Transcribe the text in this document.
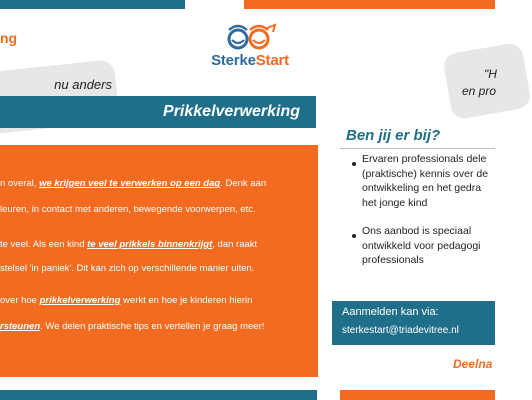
ng
SterkeStart
nu anders
"H
en pro
Prikkelverwerking
n overal, we krijgen veel te verwerken op een dag. Denk aan
leuren, in contact met anderen, bewegende voorwerpen, etc.
te veel. Als een kind te veel prikkels binnenkrijgt, dan raakt
stelsel 'in paniek'. Dit kan zich op verschillende manier uiten.
over hoe prikkelverwerking werkt en hoe je kinderen hierin
rsteunen. We delen praktische tips en vertellen je graag meer!
Ben jij er bij?
Ervaren professionals dele
(praktische) kennis over de
ontwikkeling en het gedra
het jonge kind
Ons aanbod is speciaal
ontwikkeld voor pedagogi
professionals
Aanmelden kan via:
sterkestart@triadevitree.nl
Deelna
